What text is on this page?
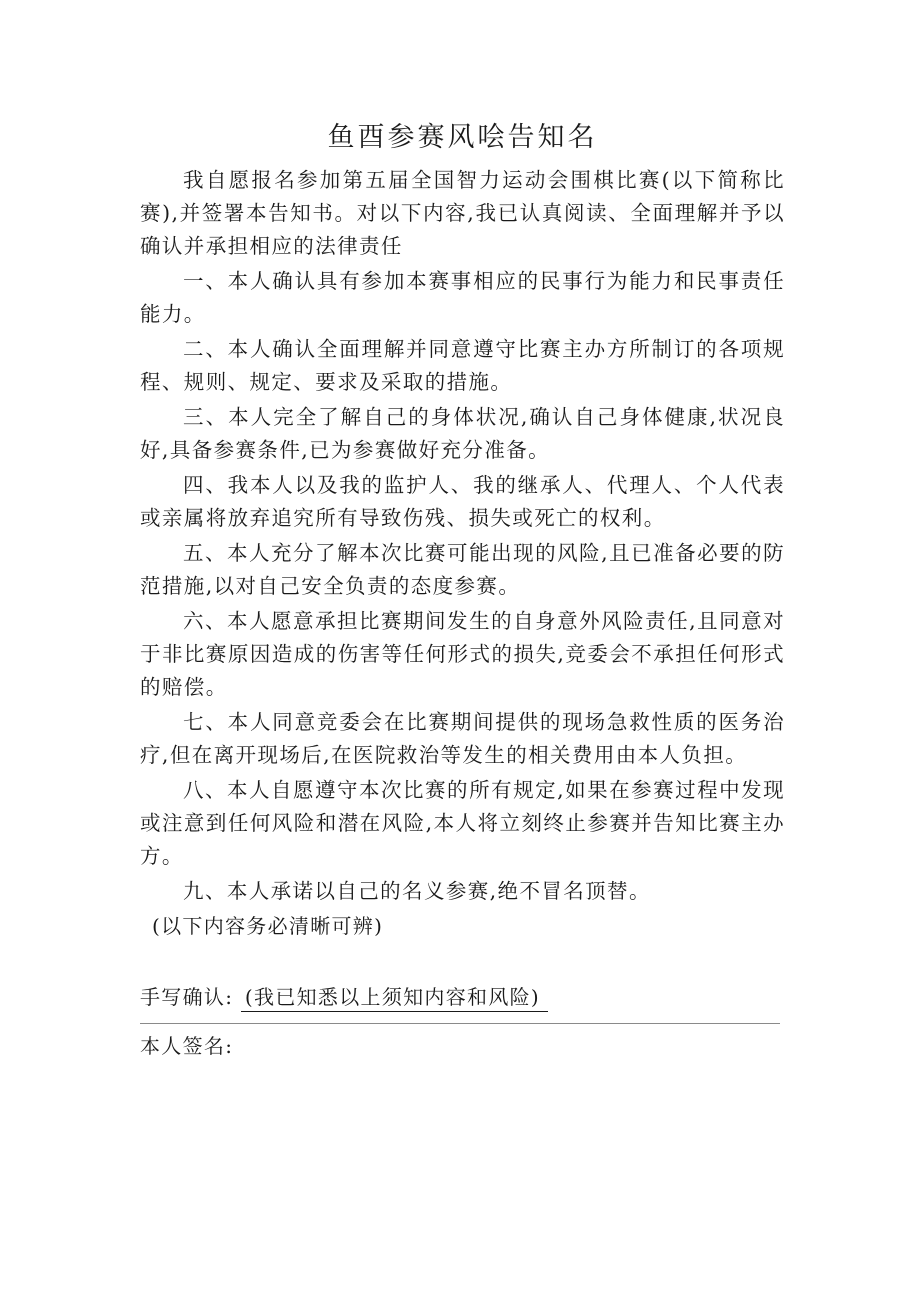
鱼酉参赛风哙告知名

我自愿报名参加第五届全国智力运动会围棋比赛(以下简称比赛),并签署本告知书。对以下内容,我已认真阅读、全面理解并予以确认并承担相应的法律责任

一、本人确认具有参加本赛事相应的民事行为能力和民事责任能力。

二、本人确认全面理解并同意遵守比赛主办方所制订的各项规程、规则、规定、要求及采取的措施。

三、本人完全了解自己的身体状况,确认自己身体健康,状况良好,具备参赛条件,已为参赛做好充分准备。

四、我本人以及我的监护人、我的继承人、代理人、个人代表或亲属将放弃追究所有导致伤残、损失或死亡的权利。

五、本人充分了解本次比赛可能出现的风险,且已准备必要的防范措施,以对自己安全负责的态度参赛。

六、本人愿意承担比赛期间发生的自身意外风险责任,且同意对于非比赛原因造成的伤害等任何形式的损失,竞委会不承担任何形式的赔偿。

七、本人同意竞委会在比赛期间提供的现场急救性质的医务治疗,但在离开现场后,在医院救治等发生的相关费用由本人负担。

八、本人自愿遵守本次比赛的所有规定,如果在参赛过程中发现或注意到任何风险和潜在风险,本人将立刻终止参赛并告知比赛主办方。

九、本人承诺以自己的名义参赛,绝不冒名顶替。

(以下内容务必清晰可辨)

手写确认: (我已知悉以上须知内容和风险)
本人签名:
